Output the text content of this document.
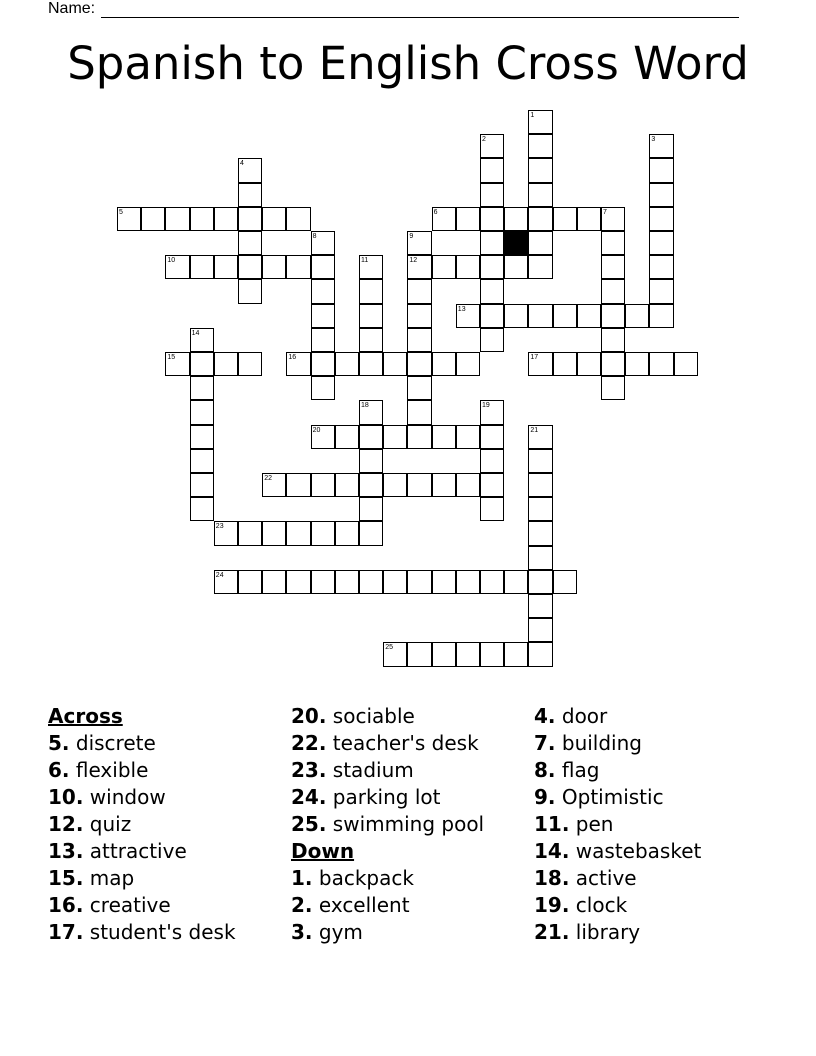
Name:
Spanish to English Cross Word
1
2	3
4
5	6	7
8	9
10	11	12
13
14
15	16	17
18	19
20	21
22
23
24
25
Across
5. discrete
6. flexible
10. window
12. quiz
13. attractive
15. map
16. creative
17. student's desk
20. sociable
22. teacher's desk
23. stadium
24. parking lot
25. swimming pool
Down
1. backpack
2. excellent
3. gym
4. door
7. building
8. flag
9. Optimistic
11. pen
14. wastebasket
18. active
19. clock
21. library
